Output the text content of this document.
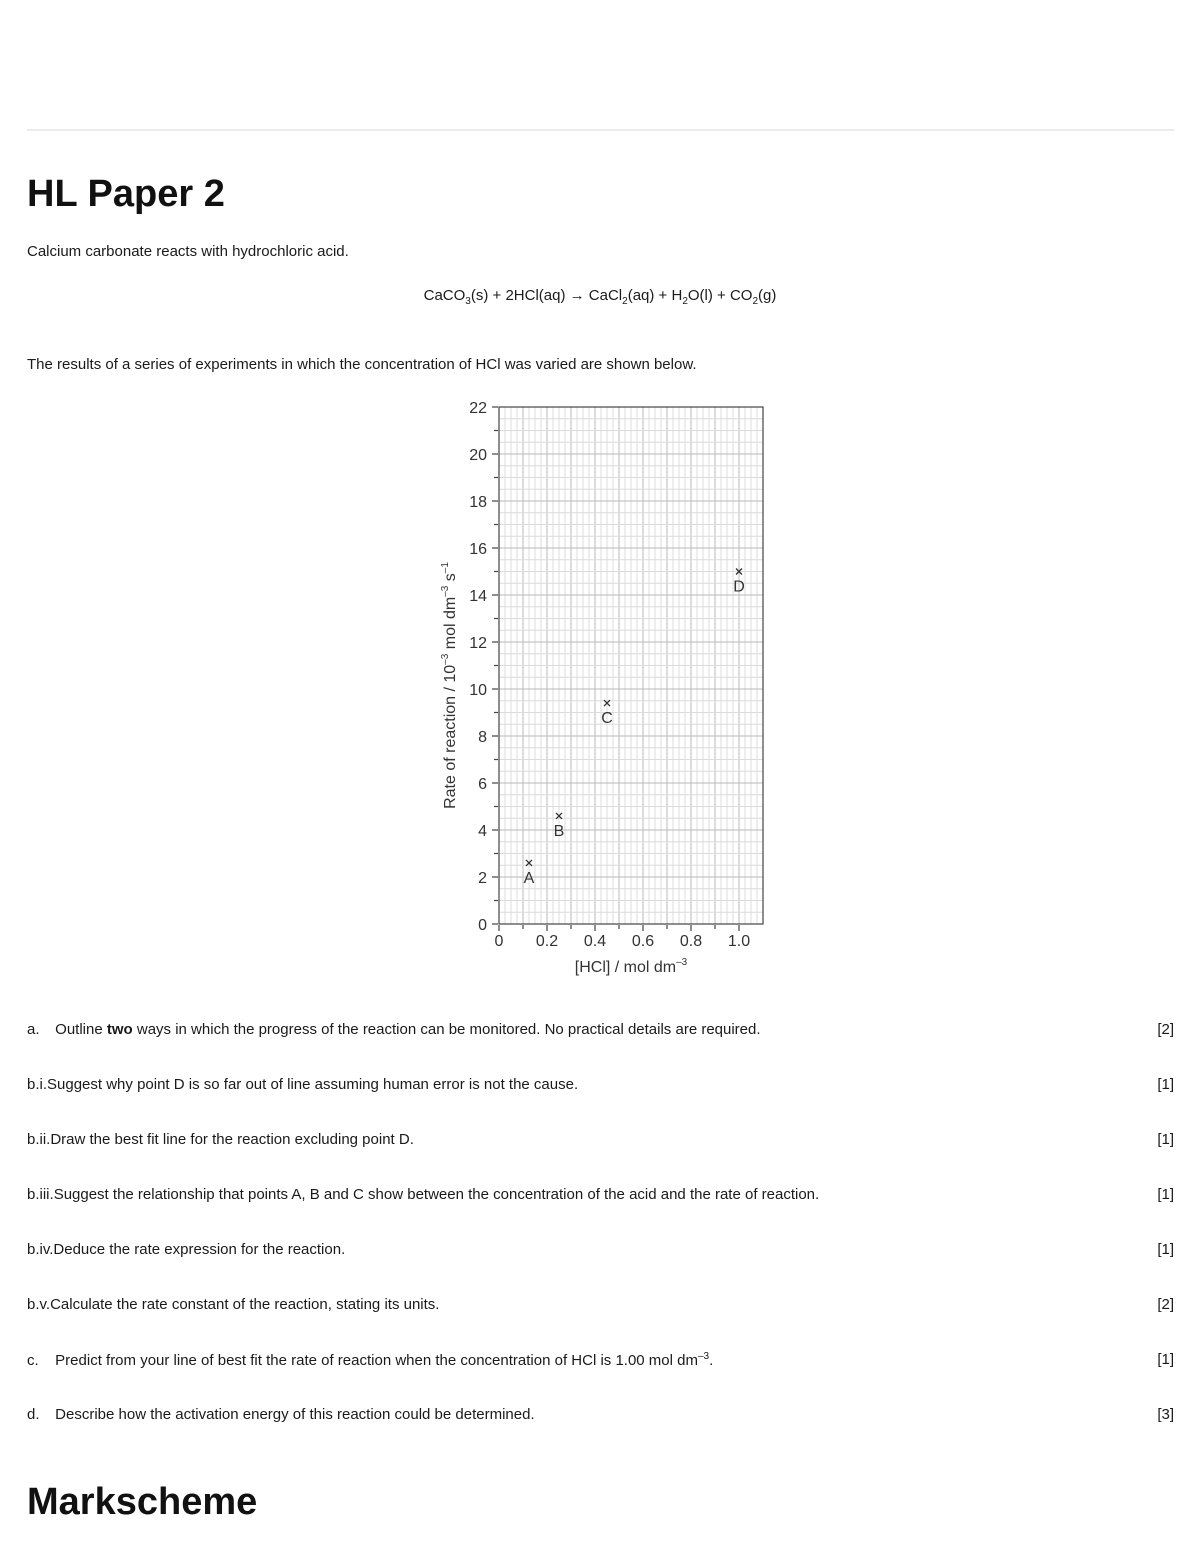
HL Paper 2
Calcium carbonate reacts with hydrochloric acid.
CaCO$_3$(s) + 2HCl(aq) → CaCl$_2$(aq) + $H_2O(l) + CO_2(g)$
The results of a series of experiments in which the concentration of HCl was varied are shown below.
0
2
4
6
8
10
12
14
16
18
20
22
0 0.2 0.4 0.6 0.8 1.0
A
B
C
D
[HCl] / mol $dm^{-3}$
Rate of reaction / $10^{-3}$ mol $dm^{-3}$ $s^{-1}$
a. Outline two ways in which the progress of the reaction can be monitored. No practical details are required.	[2]
b.i.Suggest why point D is so far out of line assuming human error is not the cause.	[1]
b.ii.Draw the best fit line for the reaction excluding point D.	[1]
b.iii.Suggest the relationship that points A, B and C show between the concentration of the acid and the rate of reaction.	[1]
b.iv.Deduce the rate expression for the reaction.	[1]
b.v.Calculate the rate constant of the reaction, stating its units.	[2]
c. Predict from your line of best fit the rate of reaction when the concentration of HCl is 1.00 mol $dm^{-3}$.	[1]
d. Describe how the activation energy of this reaction could be determined.	[3]
Markscheme
